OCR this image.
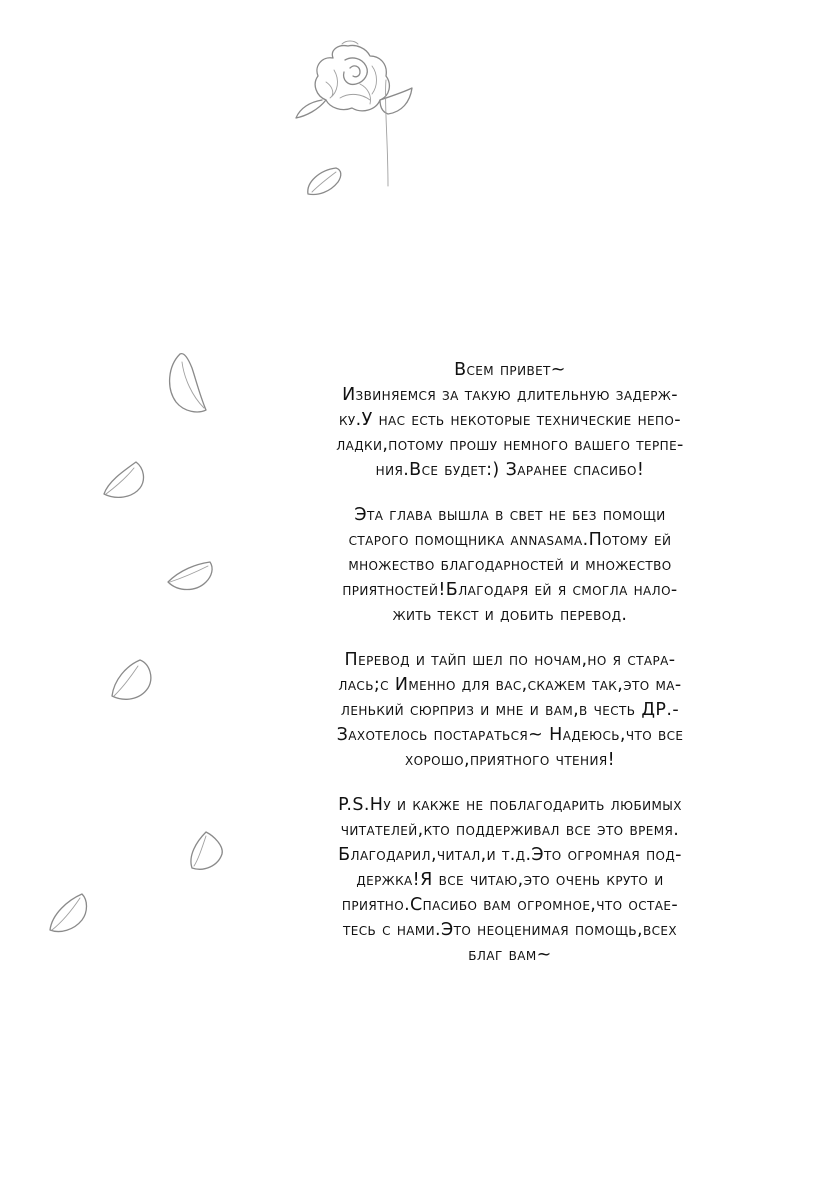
Всем привет~
Извиняемся за такую длительную задерж-
ку.У нас есть некоторые технические непо-
ладки,потому прошу немного вашего терпе-
ния.Все будет:) Заранее спасибо!
Эта глава вышла в свет не без помощи
старого помощника annasama.Потому ей
множество благодарностей и множество
приятностей!Благодаря ей я смогла нало-
жить текст и добить перевод.
Перевод и тайп шел по ночам,но я стара-
лась;с Именно для вас,скажем так,это ма-
ленький сюрприз и мне и вам,в честь ДР.-
Захотелось постараться~ Надеюсь,что все
хорошо,приятного чтения!
P.S.Ну и какже не поблагодарить любимых
читателей,кто поддерживал все это время.
Благодарил,читал,и т.д.Это огромная под-
держка!Я все читаю,это очень круто и
приятно.Спасибо вам огромное,что остае-
тесь с нами.Это неоценимая помощь,всех
благ вам~
